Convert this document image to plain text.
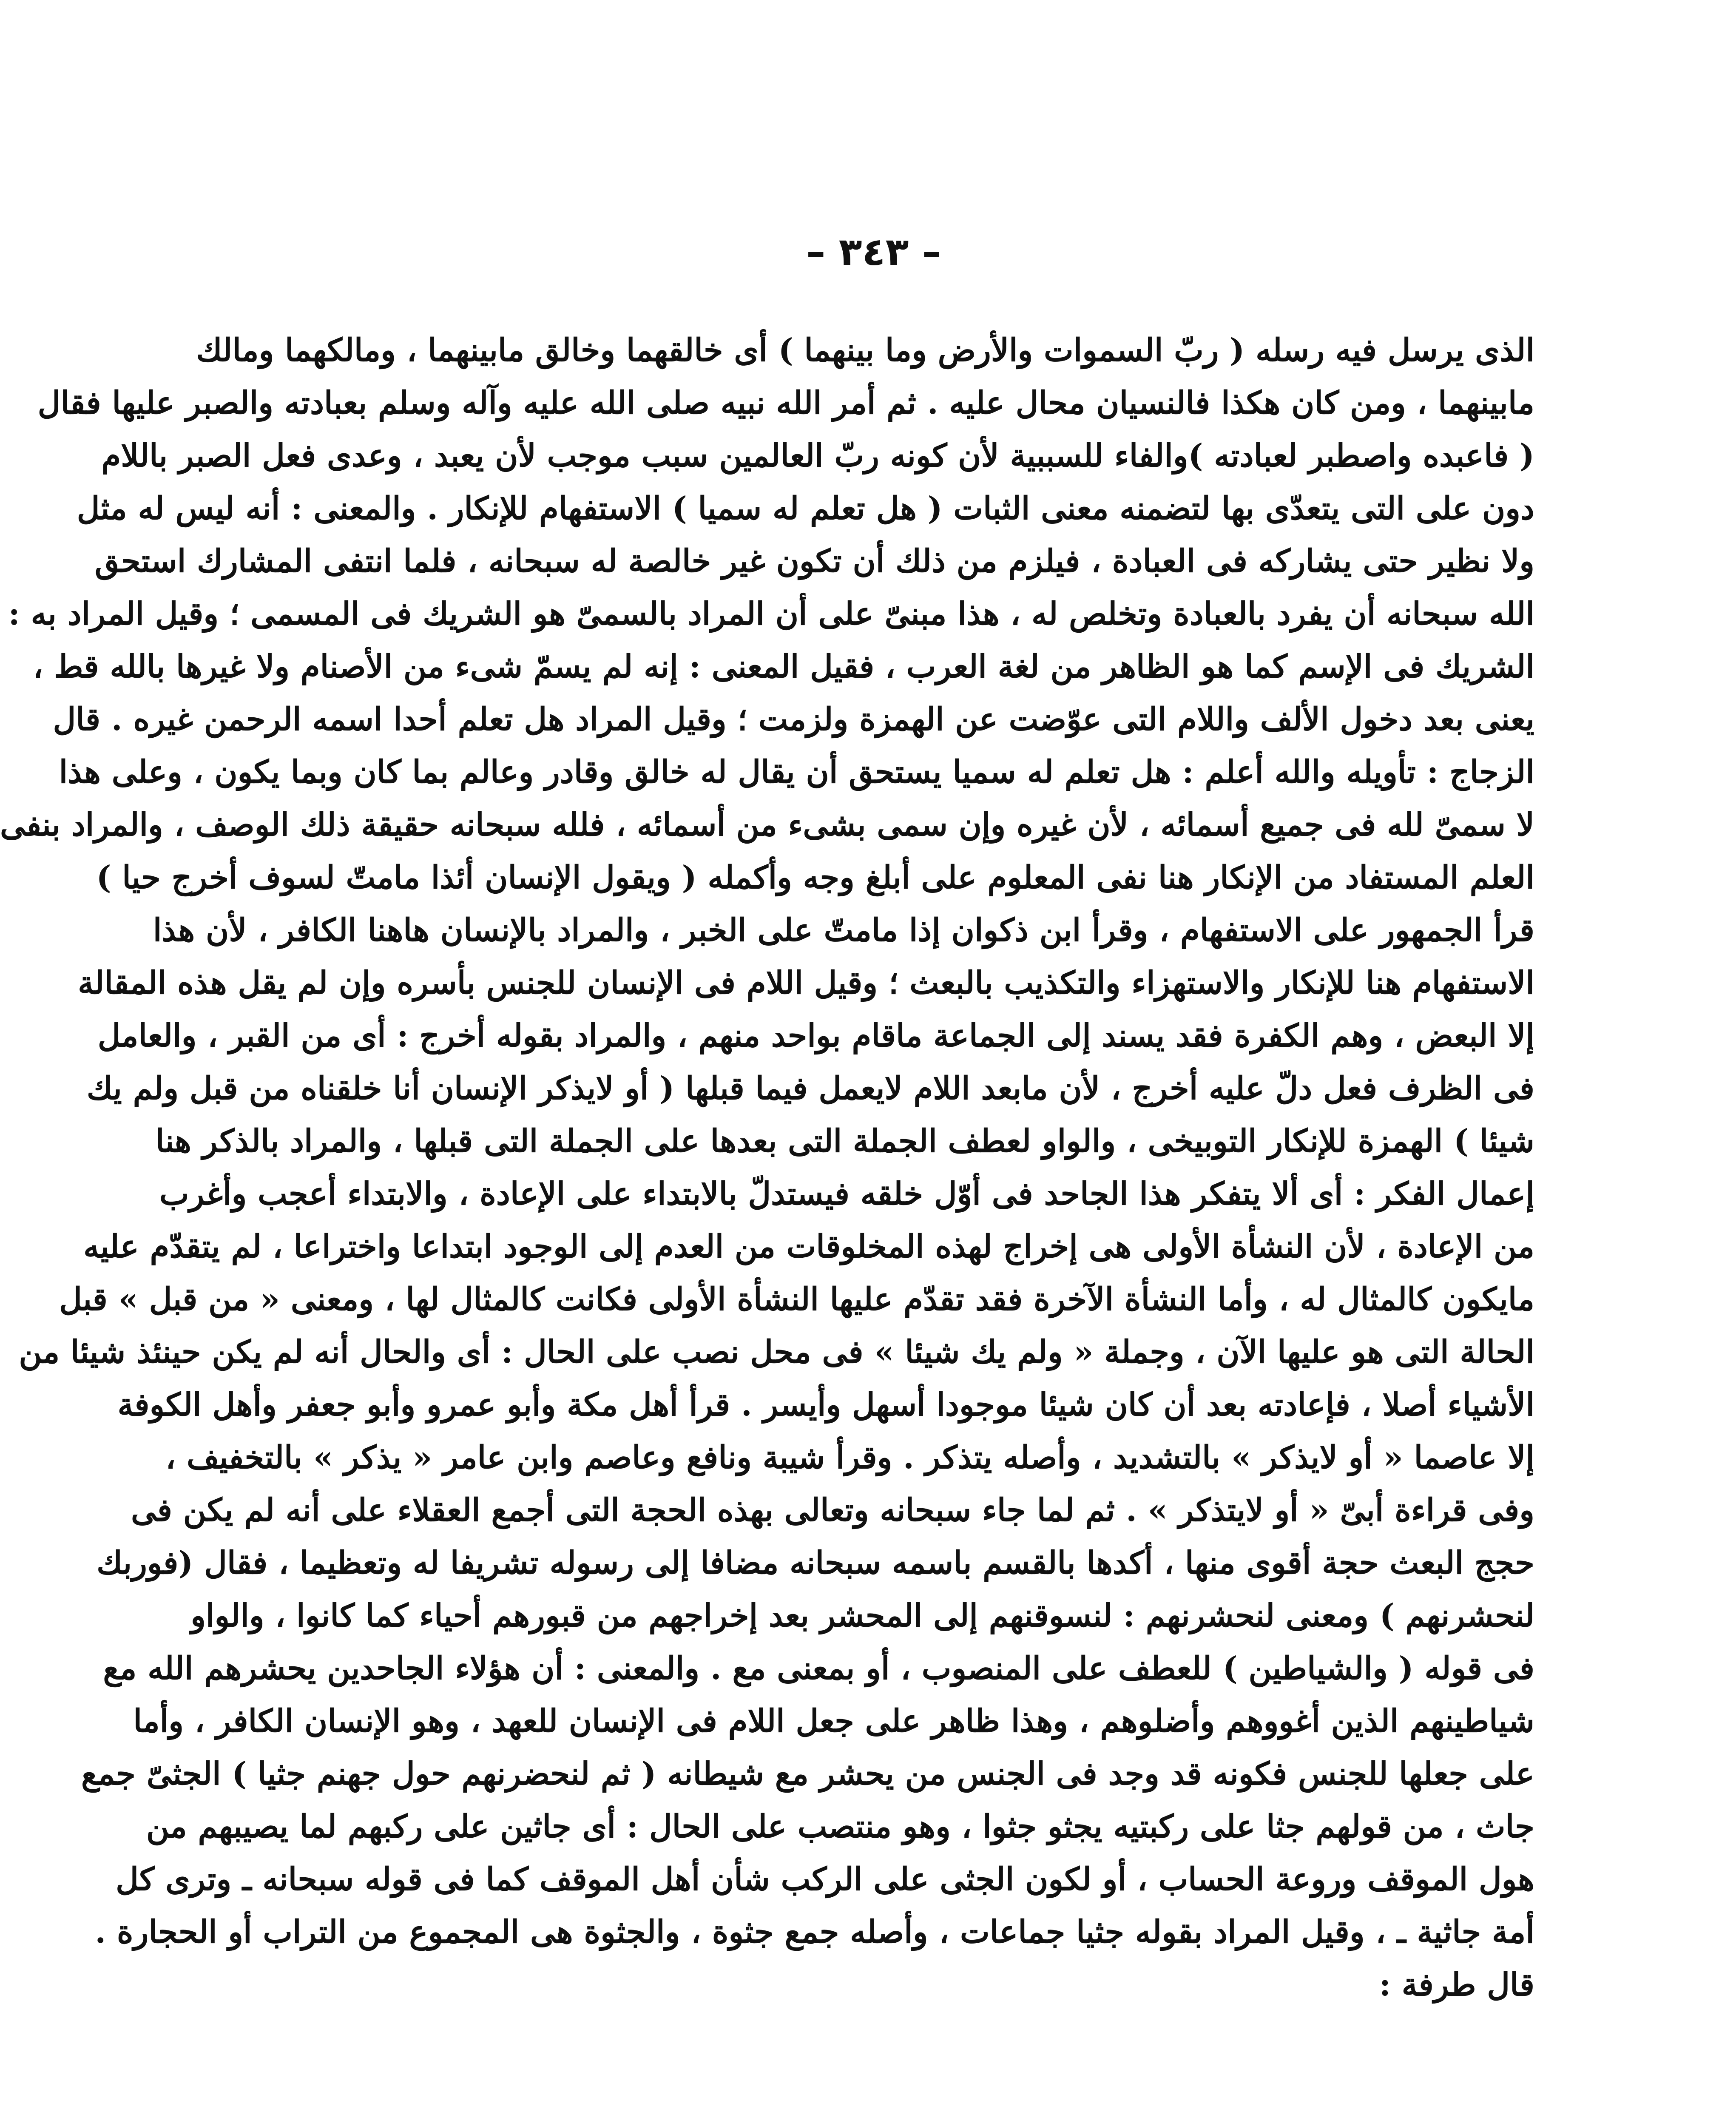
– ٣٤٣ –
الذى يرسل فيه رسله ( ربّ السموات والأرض وما بينهما ) أى خالقهما وخالق مابينهما ، ومالكهما ومالك
مابينهما ، ومن كان هكذا فالنسيان محال عليه . ثم أمر الله نبيه صلى الله عليه وآله وسلم بعبادته والصبر عليها فقال
( فاعبده واصطبر لعبادته )والفاء للسببية لأن كونه ربّ العالمين سبب موجب لأن يعبد ، وعدى فعل الصبر باللام
دون على التى يتعدّى بها لتضمنه معنى الثبات ( هل تعلم له سميا ) الاستفهام للإنكار . والمعنى : أنه ليس له مثل
ولا نظير حتى يشاركه فى العبادة ، فيلزم من ذلك أن تكون غير خالصة له سبحانه ، فلما انتفى المشارك استحق
الله سبحانه أن يفرد بالعبادة وتخلص له ، هذا مبنىّ على أن المراد بالسمىّ هو الشريك فى المسمى ؛ وقيل المراد به :
الشريك فى الإسم كما هو الظاهر من لغة العرب ، فقيل المعنى : إنه لم يسمّ شىء من الأصنام ولا غيرها بالله قط ،
يعنى بعد دخول الألف واللام التى عوّضت عن الهمزة ولزمت ؛ وقيل المراد هل تعلم أحدا اسمه الرحمن غيره . قال
الزجاج : تأويله والله أعلم : هل تعلم له سميا يستحق أن يقال له خالق وقادر وعالم بما كان وبما يكون ، وعلى هذا
لا سمىّ لله فى جميع أسمائه ، لأن غيره وإن سمى بشىء من أسمائه ، فلله سبحانه حقيقة ذلك الوصف ، والمراد بنفى
العلم المستفاد من الإنكار هنا نفى المعلوم على أبلغ وجه وأكمله ( ويقول الإنسان أئذا مامتّ لسوف أخرج حيا )
قرأ الجمهور على الاستفهام ، وقرأ ابن ذكوان إذا مامتّ على الخبر ، والمراد بالإنسان هاهنا الكافر ، لأن هذا
الاستفهام هنا للإنكار والاستهزاء والتكذيب بالبعث ؛ وقيل اللام فى الإنسان للجنس بأسره وإن لم يقل هذه المقالة
إلا البعض ، وهم الكفرة فقد يسند إلى الجماعة ماقام بواحد منهم ، والمراد بقوله أخرج : أى من القبر ، والعامل
فى الظرف فعل دلّ عليه أخرج ، لأن مابعد اللام لايعمل فيما قبلها ( أو لايذكر الإنسان أنا خلقناه من قبل ولم يك
شيئا ) الهمزة للإنكار التوبيخى ، والواو لعطف الجملة التى بعدها على الجملة التى قبلها ، والمراد بالذكر هنا
إعمال الفكر : أى ألا يتفكر هذا الجاحد فى أوّل خلقه فيستدلّ بالابتداء على الإعادة ، والابتداء أعجب وأغرب
من الإعادة ، لأن النشأة الأولى هى إخراج لهذه المخلوقات من العدم إلى الوجود ابتداعا واختراعا ، لم يتقدّم عليه
مايكون كالمثال له ، وأما النشأة الآخرة فقد تقدّم عليها النشأة الأولى فكانت كالمثال لها ، ومعنى « من قبل » قبل
الحالة التى هو عليها الآن ، وجملة « ولم يك شيئا » فى محل نصب على الحال : أى والحال أنه لم يكن حينئذ شيئا من
الأشياء أصلا ، فإعادته بعد أن كان شيئا موجودا أسهل وأيسر . قرأ أهل مكة وأبو عمرو وأبو جعفر وأهل الكوفة
إلا عاصما « أو لايذكر » بالتشديد ، وأصله يتذكر . وقرأ شيبة ونافع وعاصم وابن عامر « يذكر » بالتخفيف ،
وفى قراءة أبىّ « أو لايتذكر » . ثم لما جاء سبحانه وتعالى بهذه الحجة التى أجمع العقلاء على أنه لم يكن فى
حجج البعث حجة أقوى منها ، أكدها بالقسم باسمه سبحانه مضافا إلى رسوله تشريفا له وتعظيما ، فقال (فوربك
لنحشرنهم ) ومعنى لنحشرنهم : لنسوقنهم إلى المحشر بعد إخراجهم من قبورهم أحياء كما كانوا ، والواو
فى قوله ( والشياطين ) للعطف على المنصوب ، أو بمعنى مع . والمعنى : أن هؤلاء الجاحدين يحشرهم الله مع
شياطينهم الذين أغووهم وأضلوهم ، وهذا ظاهر على جعل اللام فى الإنسان للعهد ، وهو الإنسان الكافر ، وأما
على جعلها للجنس فكونه قد وجد فى الجنس من يحشر مع شيطانه ( ثم لنحضرنهم حول جهنم جثيا ) الجثىّ جمع
جاث ، من قولهم جثا على ركبتيه يجثو جثوا ، وهو منتصب على الحال : أى جاثين على ركبهم لما يصيبهم من
هول الموقف وروعة الحساب ، أو لكون الجثى على الركب شأن أهل الموقف كما فى قوله سبحانه ـ وترى كل
أمة جاثية ـ ، وقيل المراد بقوله جثيا جماعات ، وأصله جمع جثوة ، والجثوة هى المجموع من التراب أو الحجارة .
قال طرفة :
